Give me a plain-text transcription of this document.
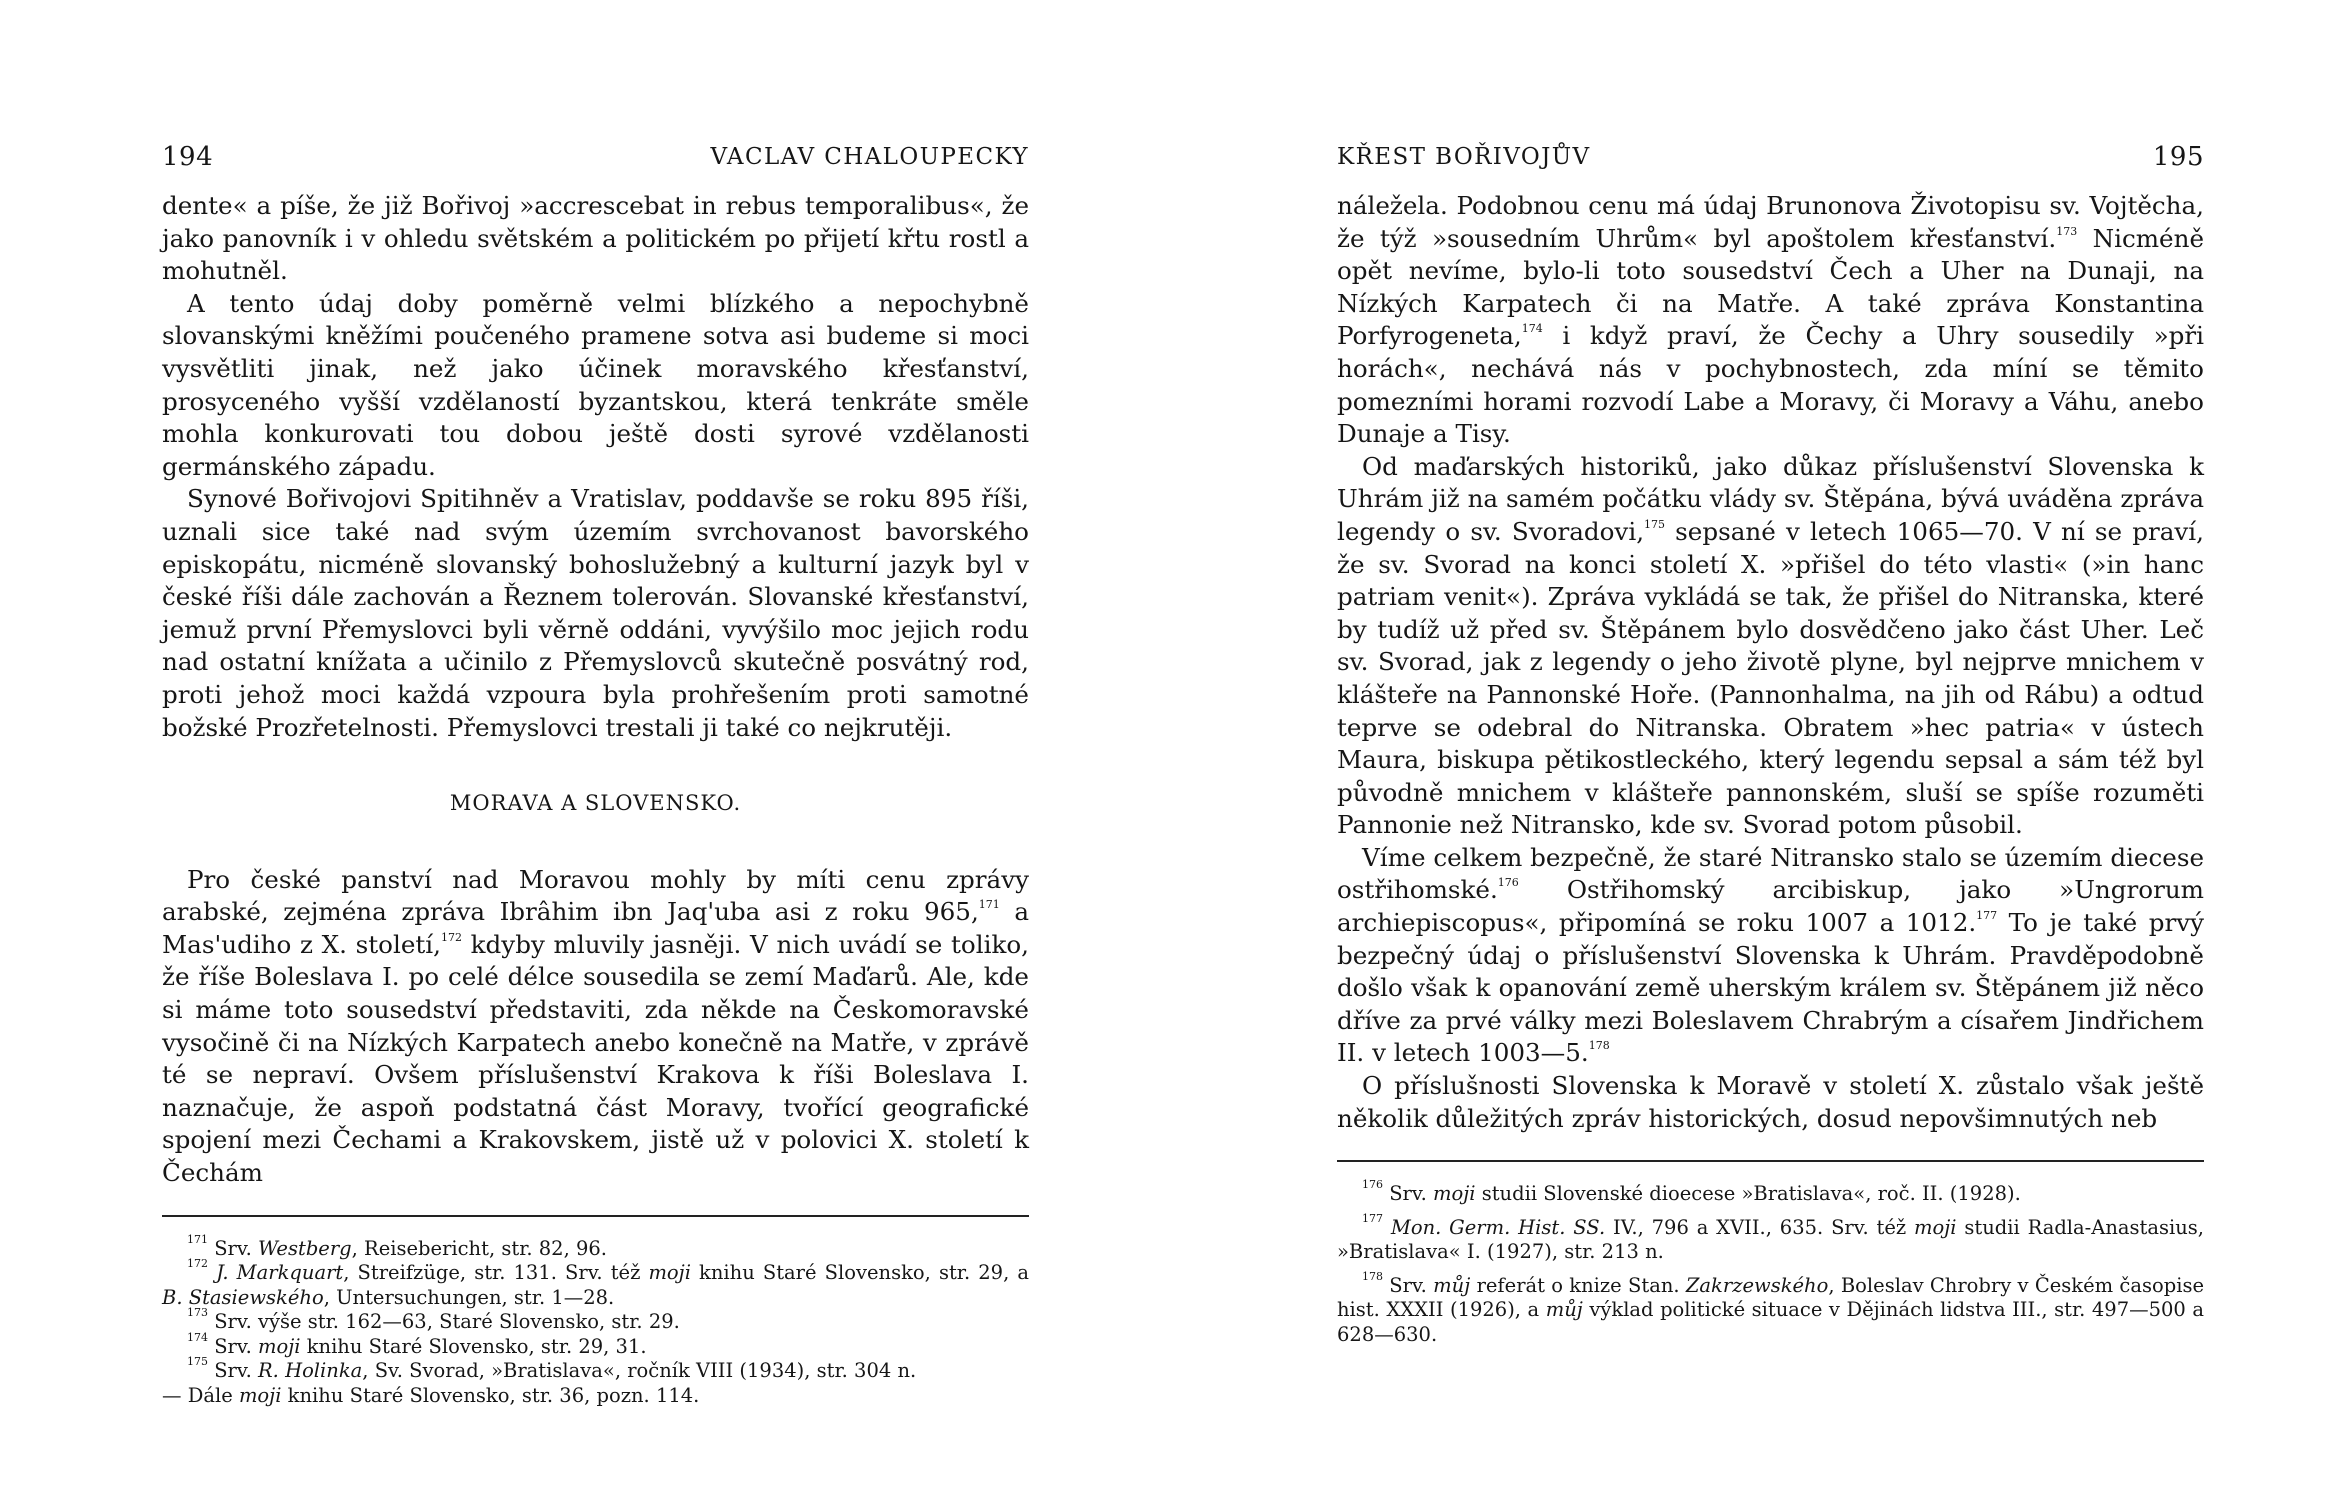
194	VACLAV CHALOUPECKY

dente« a píše, že již Bořivoj »accrescebat in rebus temporalibus«, že jako panovník i v ohledu světském a politickém po přijetí křtu rostl a mohutněl.

A tento údaj doby poměrně velmi blízkého a nepochybně slovanskými kněžími poučeného pramene sotva asi budeme si moci vysvětliti jinak, než jako účinek moravského křesťanství, prosyceného vyšší vzdělaností byzantskou, která tenkráte směle mohla konkurovati tou dobou ještě dosti syrové vzdělanosti germánského západu.

Synové Bořivojovi Spitihněv a Vratislav, poddavše se roku 895 říši, uznali sice také nad svým územím svrchovanost bavorského episkopátu, nicméně slovanský bohoslužebný a kulturní jazyk byl v české říši dále zachován a Řeznem tolerován. Slovanské křesťanství, jemuž první Přemyslovci byli věrně oddáni, vyvýšilo moc jejich rodu nad ostatní knížata a učinilo z Přemyslovců skutečně posvátný rod, proti jehož moci každá vzpoura byla prohřešením proti samotné božské Prozřetelnosti. Přemyslovci trestali ji také co nejkrutěji.

MORAVA A SLOVENSKO.

Pro české panství nad Moravou mohly by míti cenu zprávy arabské, zejména zpráva Ibrâhim ibn Jaq'uba asi z roku 965,$^{171}$ a Mas'udiho z X. století,$^{172}$ kdyby mluvily jasněji. V nich uvádí se toliko, že říše Boleslava I. po celé délce sousedila se zemí Maďarů. Ale, kde si máme toto sousedství představiti, zda někde na Českomoravské vysočině či na Nízkých Karpatech anebo konečně na Matře, v zprávě té se nepraví. Ovšem příslušenství Krakova k říši Boleslava I. naznačuje, že aspoň podstatná část Moravy, tvořící geografické spojení mezi Čechami a Krakovskem, jistě už v polovici X. století k Čechám

$^{171}$ Srv. Westberg, Reisebericht, str. 82, 96.

$^{172}$ J. Markquart, Streifzüge, str. 131. Srv. též moji knihu Staré Slovensko, str. 29, a B. Stasiewského, Untersuchungen, str. 1—28.

$^{173}$ Srv. výše str. 162—63, Staré Slovensko, str. 29.

$^{174}$ Srv. moji knihu Staré Slovensko, str. 29, 31.

$^{175}$ Srv. R. Holinka, Sv. Svorad, »Bratislava«, ročník VIII (1934), str. 304 n.

— Dále moji knihu Staré Slovensko, str. 36, pozn. 114.

KŘEST BOŘIVOJŮV	195

náležela. Podobnou cenu má údaj Brunonova Životopisu sv. Vojtěcha, že týž »sousedním Uhrům« byl apoštolem křesťanství.$^{173}$ Nicméně opět nevíme, bylo-li toto sousedství Čech a Uher na Dunaji, na Nízkých Karpatech či na Matře. A také zpráva Konstantina Porfyrogeneta,$^{174}$ i když praví, že Čechy a Uhry sousedily »při horách«, nechává nás v pochybnostech, zda míní se těmito pomezními horami rozvodí Labe a Moravy, či Moravy a Váhu, anebo Dunaje a Tisy.

Od maďarských historiků, jako důkaz příslušenství Slovenska k Uhrám již na samém počátku vlády sv. Štěpána, bývá uváděna zpráva legendy o sv. Svoradovi,$^{175}$ sepsané v letech 1065—70. V ní se praví, že sv. Svorad na konci století X. »přišel do této vlasti« (»in hanc patriam venit«). Zpráva vykládá se tak, že přišel do Nitranska, které by tudíž už před sv. Štěpánem bylo dosvědčeno jako část Uher. Leč sv. Svorad, jak z legendy o jeho životě plyne, byl nejprve mnichem v klášteře na Pannonské Hoře. (Pannonhalma, na jih od Rábu) a odtud teprve se odebral do Nitranska. Obratem »hec patria« v ústech Maura, biskupa pětikostleckého, který legendu sepsal a sám též byl původně mnichem v klášteře pannonském, sluší se spíše rozuměti Pannonie než Nitransko, kde sv. Svorad potom působil.

Víme celkem bezpečně, že staré Nitransko stalo se územím diecese ostřihomské.$^{176}$ Ostřihomský arcibiskup, jako »Ungrorum archiepiscopus«, připomíná se roku 1007 a 1012.$^{177}$ To je také prvý bezpečný údaj o příslušenství Slovenska k Uhrám. Pravděpodobně došlo však k opanování země uherským králem sv. Štěpánem již něco dříve za prvé války mezi Boleslavem Chrabrým a císařem Jindřichem II. v letech 1003—5.$^{178}$

O příslušnosti Slovenska k Moravě v století X. zůstalo však ještě několik důležitých zpráv historických, dosud nepovšimnutých neb

$^{176}$ Srv. moji studii Slovenské dioecese »Bratislava«, roč. II. (1928).

$^{177}$ Mon. Germ. Hist. SS. IV., 796 a XVII., 635. Srv. též moji studii Radla-Anastasius, »Bratislava« I. (1927), str. 213 n.

$^{178}$ Srv. můj referát o knize Stan. Zakrzewského, Boleslav Chrobry v Českém časopise hist. XXXII (1926), a můj výklad politické situace v Dějinách lidstva III., str. 497—500 a 628—630.
